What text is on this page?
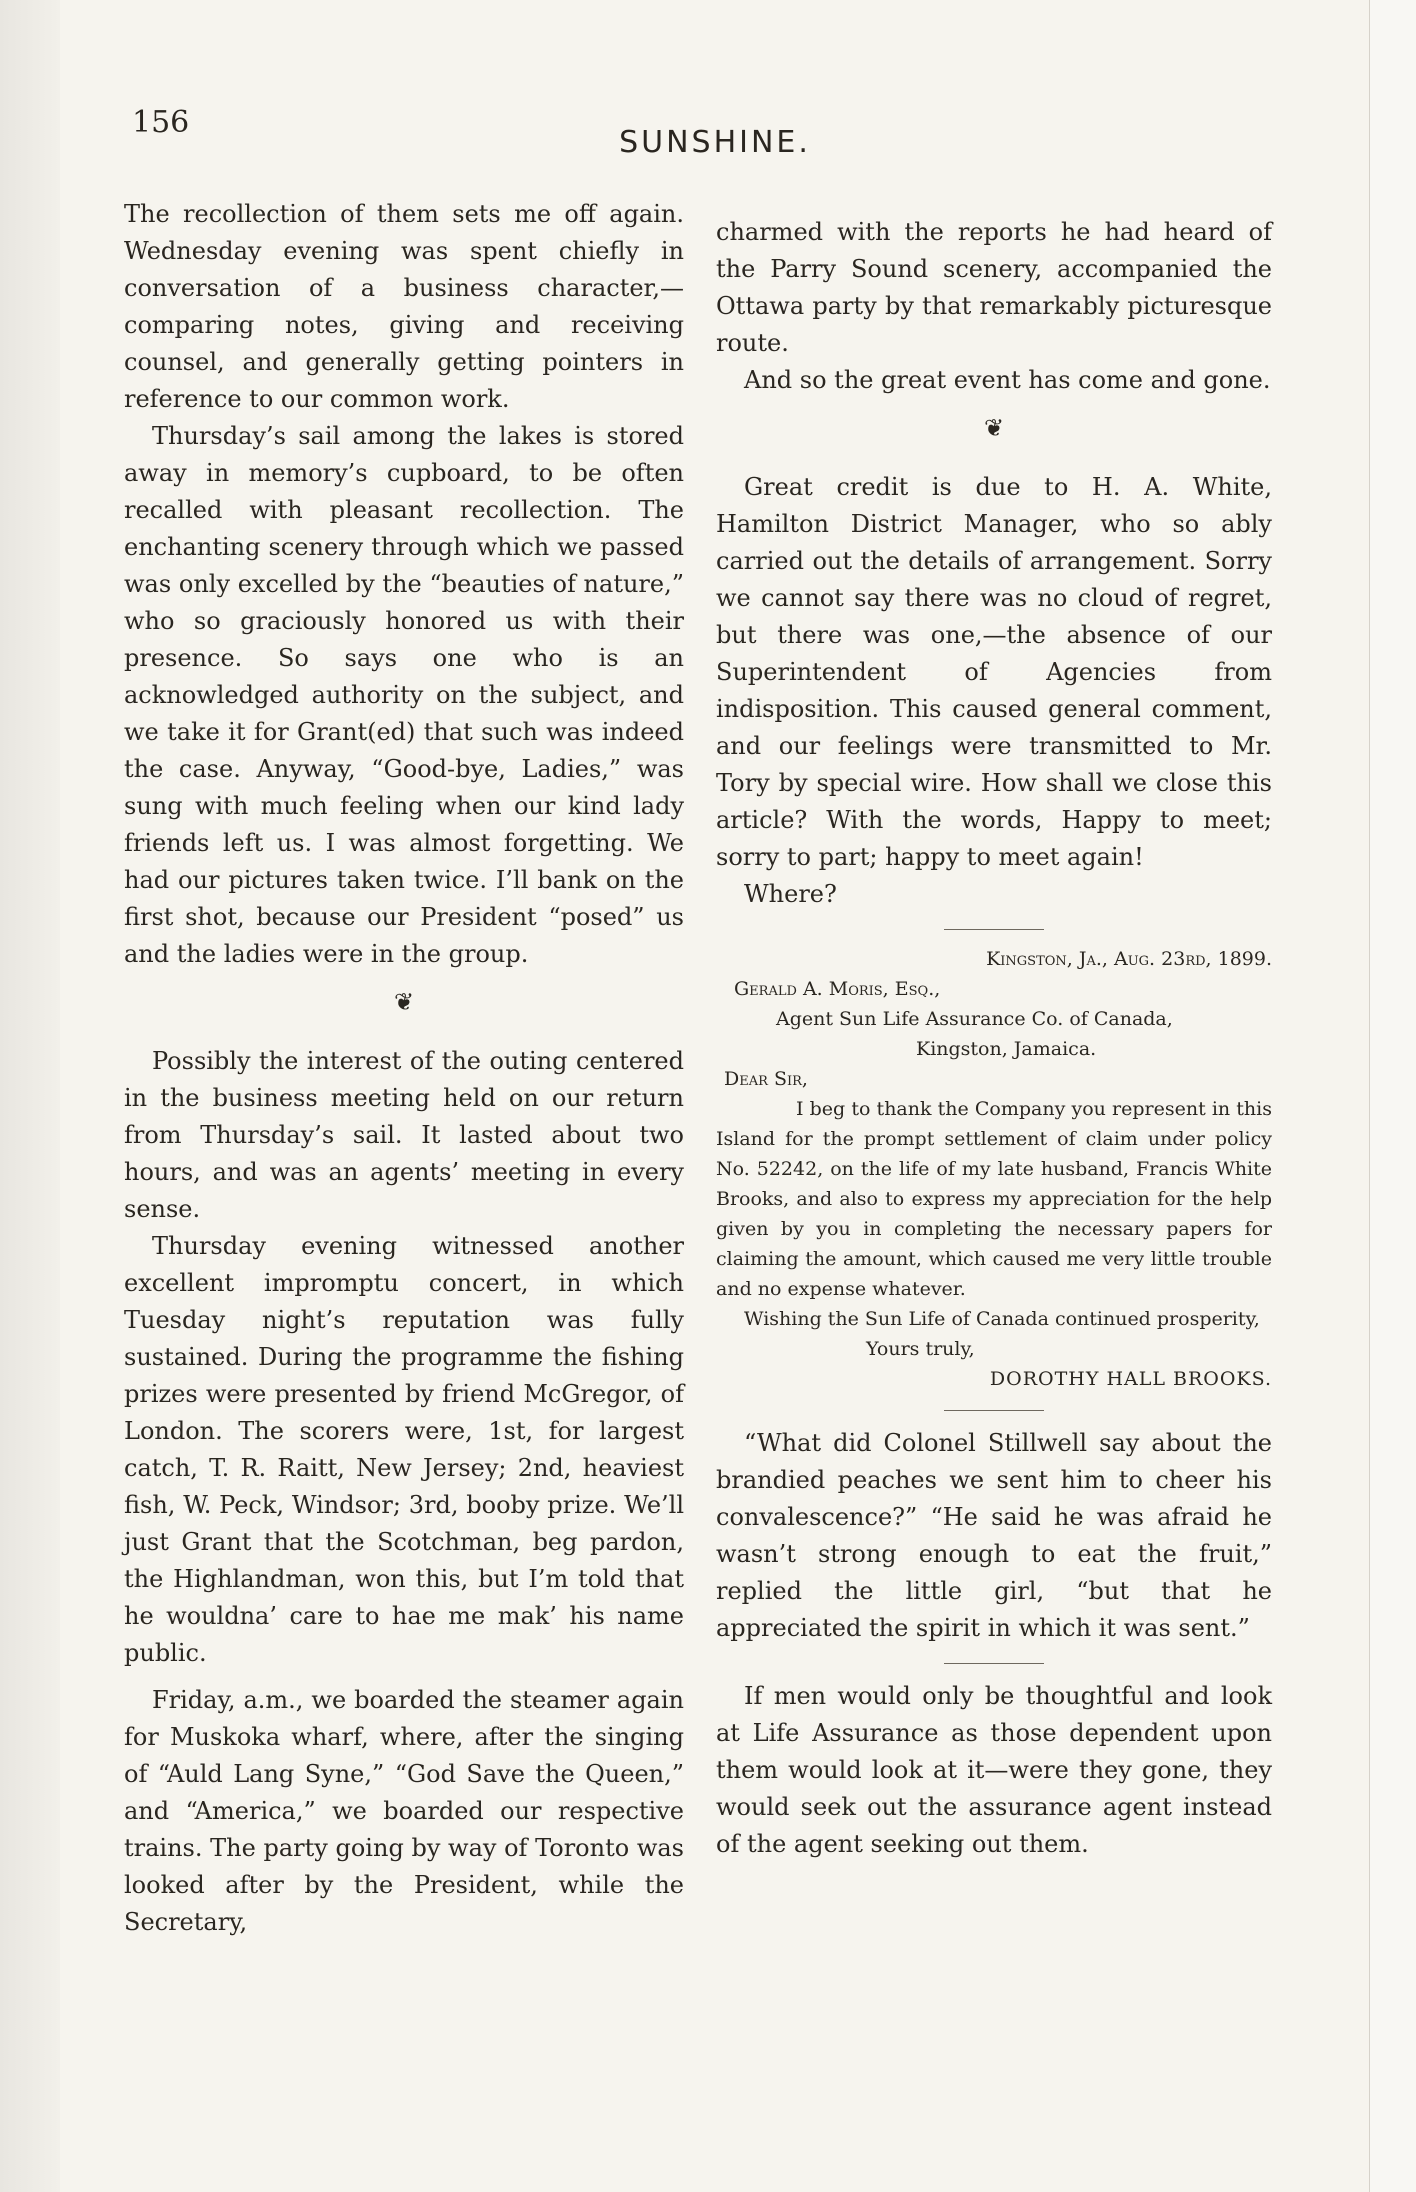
156
SUNSHINE.

The recollection of them sets me off again. Wednesday evening was spent chiefly in conversation of a business character,—comparing notes, giving and receiving counsel, and generally getting pointers in reference to our common work.

Thursday’s sail among the lakes is stored away in memory’s cupboard, to be often recalled with pleasant recollection. The enchanting scenery through which we passed was only excelled by the “beauties of nature,” who so graciously honored us with their presence. So says one who is an acknowledged authority on the subject, and we take it for Grant(ed) that such was indeed the case. Anyway, “Good-bye, Ladies,” was sung with much feeling when our kind lady friends left us. I was almost forgetting. We had our pictures taken twice. I’ll bank on the first shot, because our President “posed” us and the ladies were in the group.

❦

Possibly the interest of the outing centered in the business meeting held on our return from Thursday’s sail. It lasted about two hours, and was an agents’ meeting in every sense.

Thursday evening witnessed another excellent impromptu concert, in which Tuesday night’s reputation was fully sustained. During the programme the fishing prizes were presented by friend McGregor, of London. The scorers were, 1st, for largest catch, T. R. Raitt, New Jersey; 2nd, heaviest fish, W. Peck, Windsor; 3rd, booby prize. We’ll just Grant that the Scotchman, beg pardon, the Highlandman, won this, but I’m told that he wouldna’ care to hae me mak’ his name public.

Friday, a.m., we boarded the steamer again for Muskoka wharf, where, after the singing of “Auld Lang Syne,” “God Save the Queen,” and “America,” we boarded our respective trains. The party going by way of Toronto was looked after by the President, while the Secretary,

charmed with the reports he had heard of the Parry Sound scenery, accompanied the Ottawa party by that remarkably picturesque route.

And so the great event has come and gone.

❦

Great credit is due to H. A. White, Hamilton District Manager, who so ably carried out the details of arrangement. Sorry we cannot say there was no cloud of regret, but there was one,—the absence of our Superintendent of Agencies from indisposition. This caused general comment, and our feelings were transmitted to Mr. Tory by special wire. How shall we close this article? With the words, Happy to meet; sorry to part; happy to meet again!

Where?

Kingston, Ja., Aug. 23rd, 1899.
Gerald A. Moris, Esq.,
Agent Sun Life Assurance Co. of Canada,
Kingston, Jamaica.
Dear Sir,
I beg to thank the Company you represent in this Island for the prompt settlement of claim under policy No. 52242, on the life of my late husband, Francis White Brooks, and also to express my appreciation for the help given by you in completing the necessary papers for claiming the amount, which caused me very little trouble and no expense whatever.
Wishing the Sun Life of Canada continued prosperity,
Yours truly,
DOROTHY HALL BROOKS.

“What did Colonel Stillwell say about the brandied peaches we sent him to cheer his convalescence?” “He said he was afraid he wasn’t strong enough to eat the fruit,” replied the little girl, “but that he appreciated the spirit in which it was sent.”

If men would only be thoughtful and look at Life Assurance as those dependent upon them would look at it—were they gone, they would seek out the assurance agent instead of the agent seeking out them.
